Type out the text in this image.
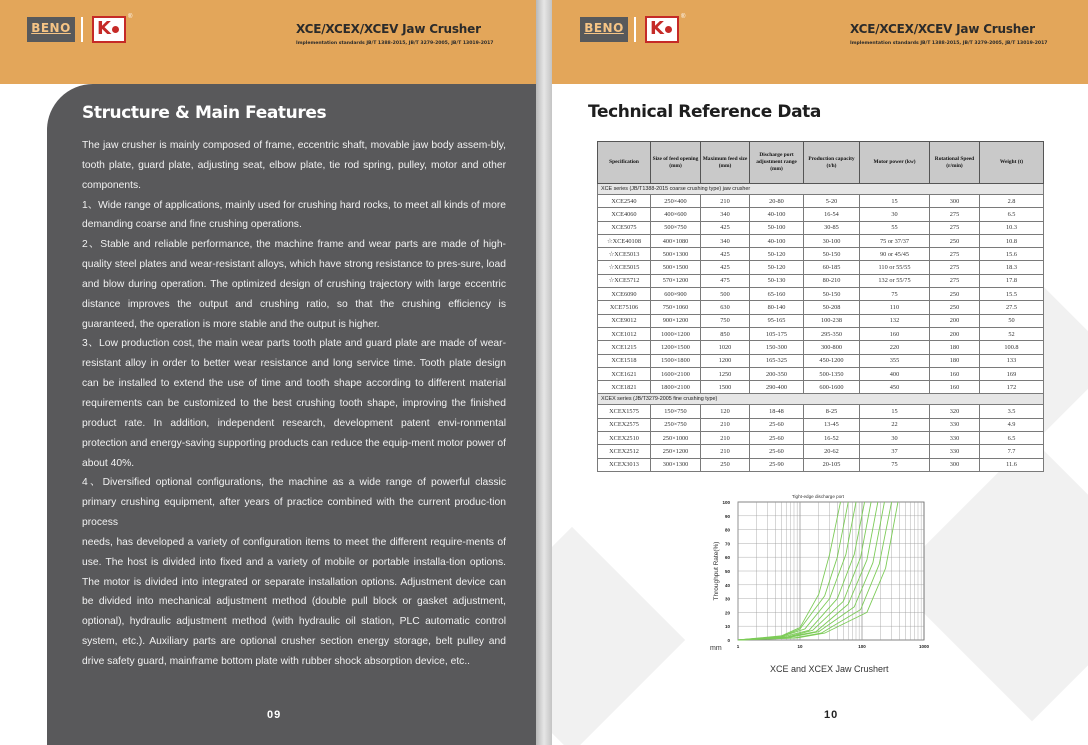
BENO K
®
XCE/XCEX/XCEV Jaw Crusher
Implementation standards JB/T 1388-2015, JB/T 3279-2005, JB/T 13019-2017
Structure & Main Features

The jaw crusher is mainly composed of frame, eccentric shaft, movable jaw body assem-bly, tooth plate, guard plate, adjusting seat, elbow plate, tie rod spring, pulley, motor and other components.

1、Wide range of applications, mainly used for crushing hard rocks, to meet all kinds of more demanding coarse and fine crushing operations.

2、Stable and reliable performance, the machine frame and wear parts are made of high-quality steel plates and wear-resistant alloys, which have strong resistance to pres-sure, load and blow during operation. The optimized design of crushing trajectory with large eccentric distance improves the output and crushing ratio, so that the crushing efficiency is guaranteed, the operation is more stable and the output is higher.

3、Low production cost, the main wear parts tooth plate and guard plate are made of wear-resistant alloy in order to better wear resistance and long service time. Tooth plate design can be installed to extend the use of time and tooth shape according to different material requirements can be customized to the best crushing tooth shape, improving the finished product rate. In addition, independent research, development patent envi-ronmental protection and energy-saving supporting products can reduce the equip-ment motor power of about 40%.

4、Diversified optional configurations, the machine as a wide range of powerful classic primary crushing equipment, after years of practice combined with the current produc-tion process

needs, has developed a variety of configuration items to meet the different require-ments of use. The host is divided into fixed and a variety of mobile or portable installa-tion options. The motor is divided into integrated or separate installation options. Adjustment device can be divided into mechanical adjustment method (double pull block or gasket adjustment, optional), hydraulic adjustment method (with hydraulic oil station, PLC automatic control system, etc.). Auxiliary parts are optional crusher section energy storage, belt pulley and drive safety guard, mainframe bottom plate with rubber shock absorption device, etc..

09
BENO K
®
XCE/XCEX/XCEV Jaw Crusher
Implementation standards JB/T 1388-2015, JB/T 3279-2005, JB/T 13019-2017
Technical Reference Data
Specification	Size of feed opening (mm)	Maximum feed size (mm)	Discharge port adjustment range (mm)	Production capacity (t/h)	Motor power (kw)	Rotational Speed (r/min)	Weight (t)
XCE series (JB/T1388-2015 coarse crushing type) jaw crusher							
XCE2540	250×400	210	20-80	5-20	15	300	2.8
XCE4060	400×600	340	40-100	16-54	30	275	6.5
XCE5075	500×750	425	50-100	30-85	55	275	10.3
☆XCE40108	400×1080	340	40-100	30-100	75 or 37/37	250	10.8
☆XCE5013	500×1300	425	50-120	50-150	90 or 45/45	275	15.6
☆XCE5015	500×1500	425	50-120	60-185	110 or 55/55	275	18.3
☆XCE5712	570×1200	475	50-130	80-210	132 or 55/75	275	17.8
XCE6090	600×900	500	65-160	50-150	75	250	15.5
XCE75106	750×1060	630	80-140	50-208	110	250	27.5
XCE9012	900×1200	750	95-165	100-238	132	200	50
XCE1012	1000×1200	850	105-175	295-350	160	200	52
XCE1215	1200×1500	1020	150-300	300-800	220	180	100.8
XCE1518	1500×1800	1200	165-325	450-1200	355	180	133
XCE1621	1600×2100	1250	200-350	500-1350	400	160	169
XCE1821	1800×2100	1500	290-400	600-1600	450	160	172
XCEX series (JB/T3279-2005 fine crushing type)							
XCEX1575	150×750	120	18-48	8-25	15	320	3.5
XCEX2575	250×750	210	25-60	13-45	22	330	4.9
XCEX2510	250×1000	210	25-60	16-52	30	330	6.5
XCEX2512	250×1200	210	25-60	20-62	37	330	7.7
XCEX3013	300×1300	250	25-90	20-105	75	300	11.6
0
10
20
30
40
50
60
70
80
90
100
1	10	100	1000
Tight-edge discharge port
Throughput Rate(%)
mm
XCE and XCEX Jaw Crushert
10
